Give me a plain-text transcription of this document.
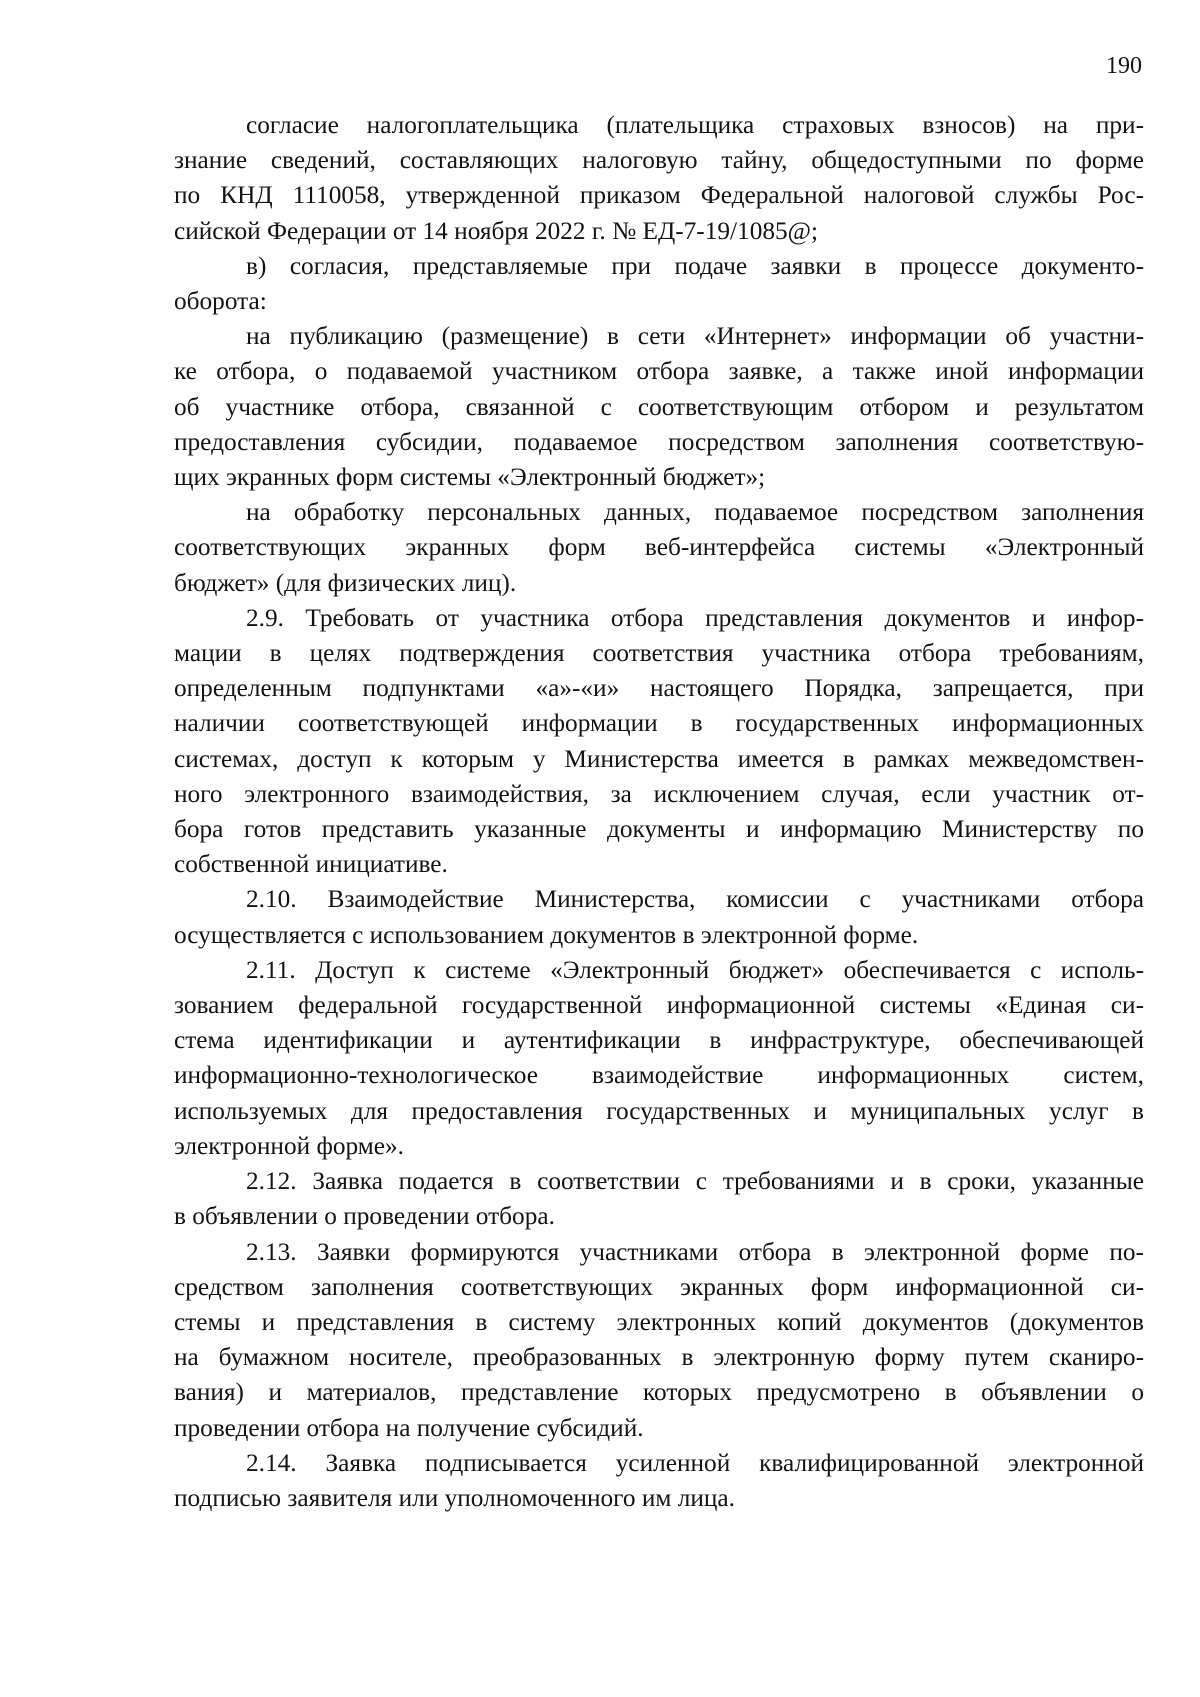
190
согласие налогоплательщика (плательщика страховых взносов) на при-
знание сведений, составляющих налоговую тайну, общедоступными по форме
по КНД 1110058, утвержденной приказом Федеральной налоговой службы Рос-
сийской Федерации от 14 ноября 2022 г. № ЕД-7-19/1085@;
в) согласия, представляемые при подаче заявки в процессе документо-
оборота:
на публикацию (размещение) в сети «Интернет» информации об участни-
ке отбора, о подаваемой участником отбора заявке, а также иной информации
об участнике отбора, связанной с соответствующим отбором и результатом
предоставления субсидии, подаваемое посредством заполнения соответствую-
щих экранных форм системы «Электронный бюджет»;
на обработку персональных данных, подаваемое посредством заполнения
соответствующих экранных форм веб-интерфейса системы «Электронный
бюджет» (для физических лиц).
2.9. Требовать от участника отбора представления документов и инфор-
мации в целях подтверждения соответствия участника отбора требованиям,
определенным подпунктами «а»-«и» настоящего Порядка, запрещается, при
наличии соответствующей информации в государственных информационных
системах, доступ к которым у Министерства имеется в рамках межведомствен-
ного электронного взаимодействия, за исключением случая, если участник от-
бора готов представить указанные документы и информацию Министерству по
собственной инициативе.
2.10. Взаимодействие Министерства, комиссии с участниками отбора
осуществляется с использованием документов в электронной форме.
2.11. Доступ к системе «Электронный бюджет» обеспечивается с исполь-
зованием федеральной государственной информационной системы «Единая си-
стема идентификации и аутентификации в инфраструктуре, обеспечивающей
информационно-технологическое взаимодействие информационных систем,
используемых для предоставления государственных и муниципальных услуг в
электронной форме».
2.12. Заявка подается в соответствии с требованиями и в сроки, указанные
в объявлении о проведении отбора.
2.13. Заявки формируются участниками отбора в электронной форме по-
средством заполнения соответствующих экранных форм информационной си-
стемы и представления в систему электронных копий документов (документов
на бумажном носителе, преобразованных в электронную форму путем сканиро-
вания) и материалов, представление которых предусмотрено в объявлении о
проведении отбора на получение субсидий.
2.14. Заявка подписывается усиленной квалифицированной электронной
подписью заявителя или уполномоченного им лица.
